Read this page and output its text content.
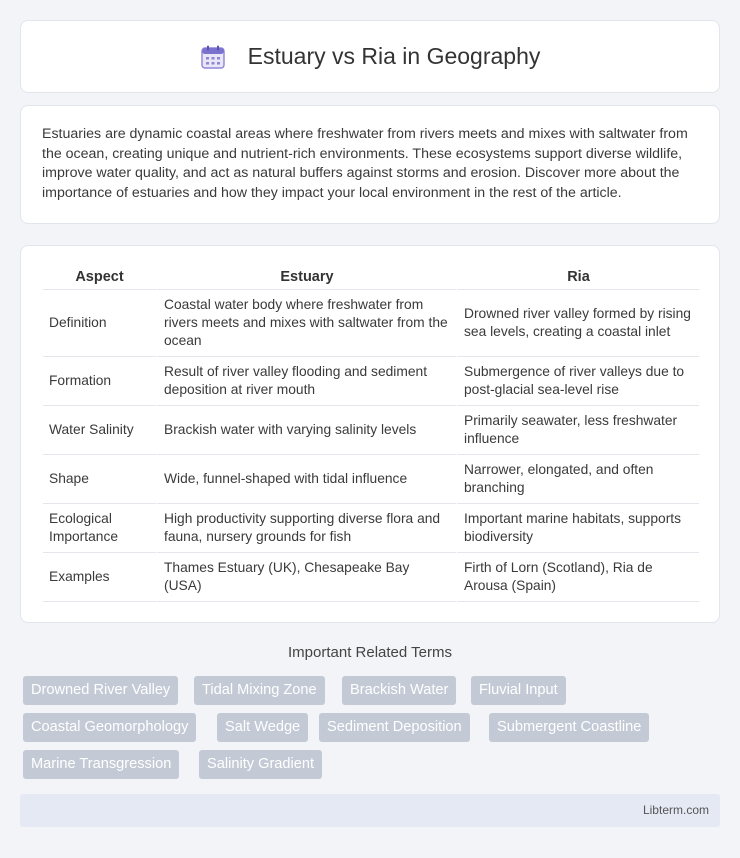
Estuary vs Ria in Geography

Estuaries are dynamic coastal areas where freshwater from rivers meets and mixes with saltwater from the ocean, creating unique and nutrient-rich environments. These ecosystems support diverse wildlife, improve water quality, and act as natural buffers against storms and erosion. Discover more about the importance of estuaries and how they impact your local environment in the rest of the article.

Aspect	Estuary	Ria
Definition	Coastal water body where freshwater from rivers meets and mixes with saltwater from the ocean	Drowned river valley formed by rising sea levels, creating a coastal inlet
Formation	Result of river valley flooding and sediment deposition at river mouth	Submergence of river valleys due to post-glacial sea-level rise
Water Salinity	Brackish water with varying salinity levels	Primarily seawater, less freshwater influence
Shape	Wide, funnel-shaped with tidal influence	Narrower, elongated, and often branching
Ecological Importance	High productivity supporting diverse flora and fauna, nursery grounds for fish	Important marine habitats, supports biodiversity
Examples	Thames Estuary (UK), Chesapeake Bay (USA)	Firth of Lorn (Scotland), Ria de Arousa (Spain)
Important Related Terms
Drowned River Valley	Tidal Mixing Zone	Brackish Water	Fluvial Input
Coastal Geomorphology	Salt Wedge	Sediment Deposition	Submergent Coastline
Marine Transgression	Salinity Gradient
Libterm.com
